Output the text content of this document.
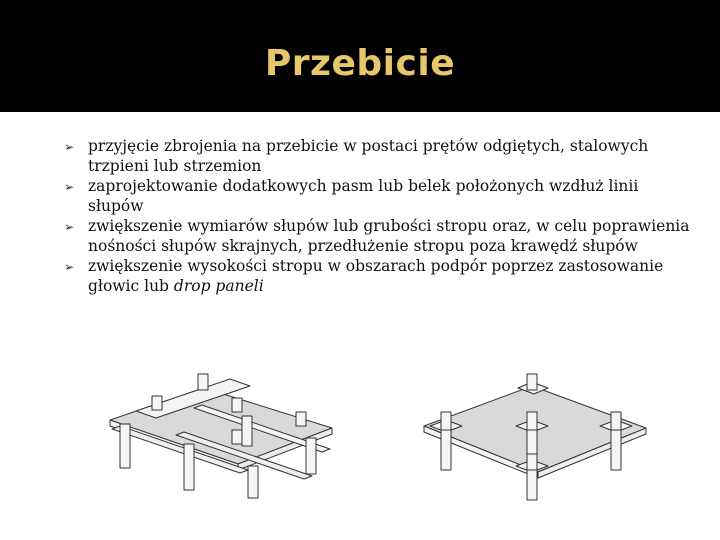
Przebicie
➢ przyjęcie zbrojenia na przebicie w postaci prętów odgiętych, stalowych trzpieni lub strzemion
➢ zaprojektowanie dodatkowych pasm lub belek położonych wzdłuż linii słupów
➢ zwiększenie wymiarów słupów lub grubości stropu oraz, w celu poprawienia nośności słupów skrajnych, przedłużenie stropu poza krawędź słupów
➢ zwiększenie wysokości stropu w obszarach podpór poprzez zastosowanie głowic lub drop paneli
